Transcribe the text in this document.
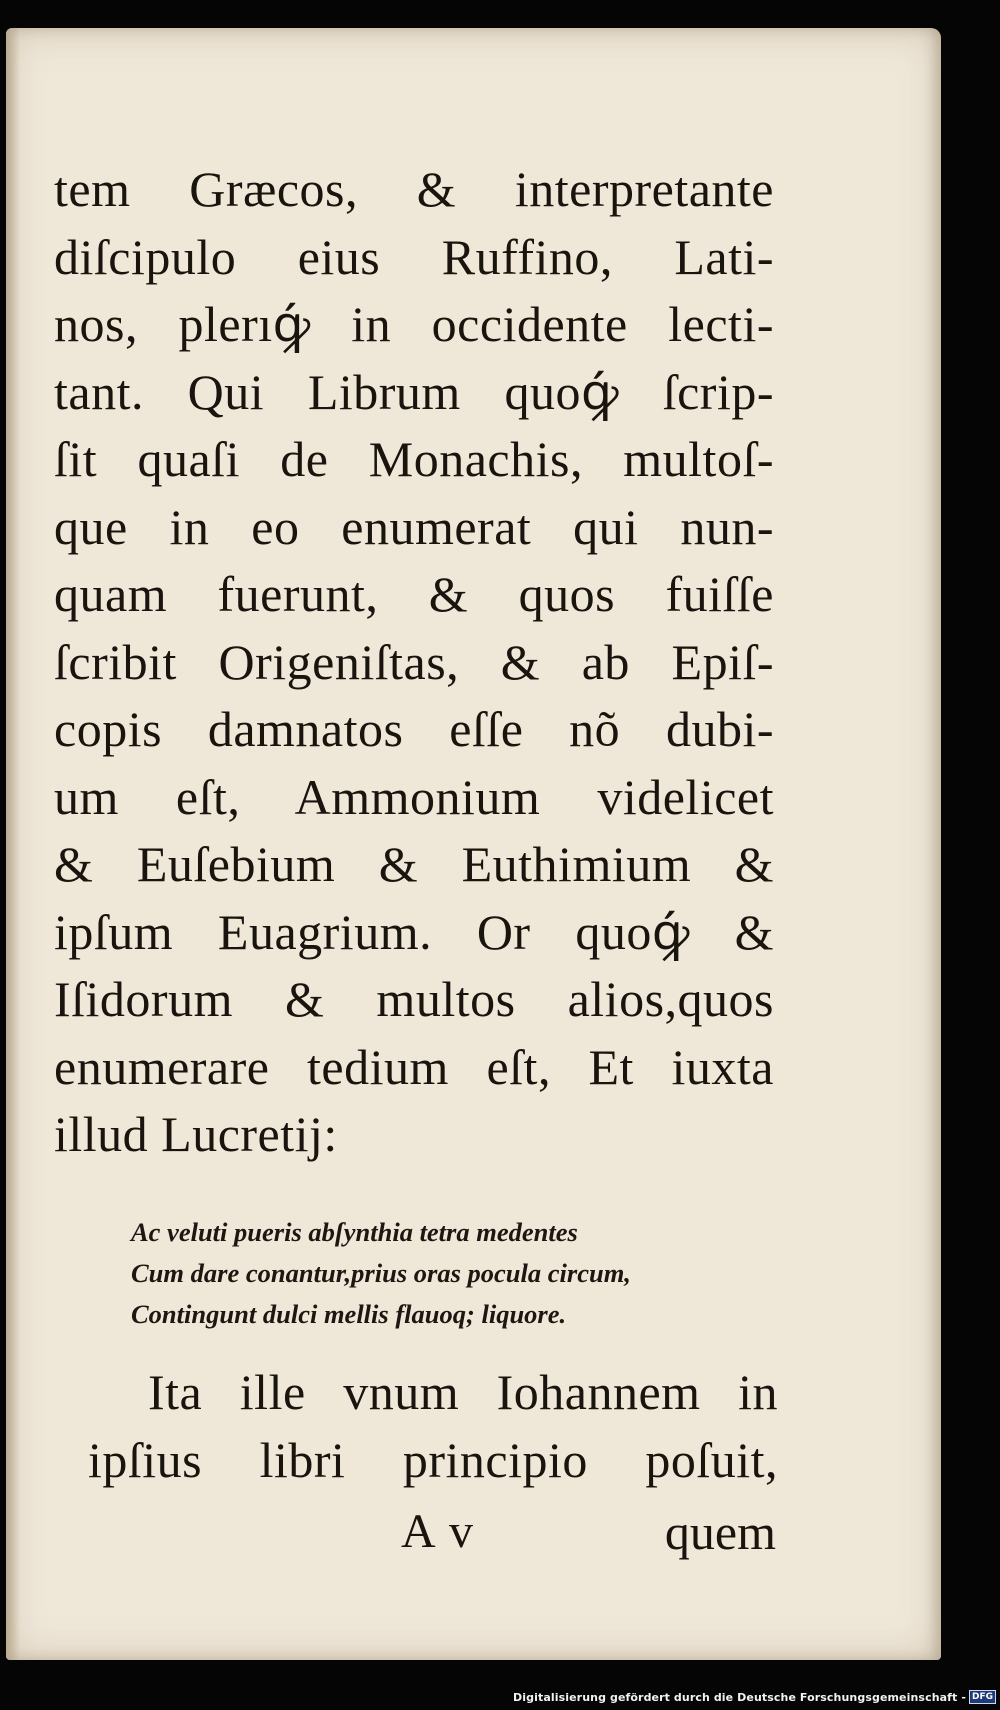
tem Græcos, & interpretante
diſcipulo eius Ruffino, Lati-
nos, plerıꝙ́ in occidente lecti-
tant. Qui Librum quoꝙ́ ſcrip-
ſit quaſi de Monachis, multoſ-
que in eo enumerat qui nun-
quam fuerunt, & quos fuiſſe
ſcribit Origeniſtas, & ab Epiſ-
copis damnatos eſſe nõ dubi-
um eſt, Ammonium videlicet
& Euſebium & Euthimium &
ipſum Euagrium. Or quoꝙ́ &
Iſidorum & multos alios,quos
enumerare tedium eſt, Et iuxta
illud Lucretij:
Ac veluti pueris abſynthia tetra medentes
Cum dare conantur,prius oras pocula circum,
Contingunt dulci mellis flauoq; liquore.
Ita ille vnum Iohannem in
ipſius libri principio poſuit,
A v	quem
Digitalisierung gefördert durch die Deutsche Forschungsgemeinschaft - DFG
